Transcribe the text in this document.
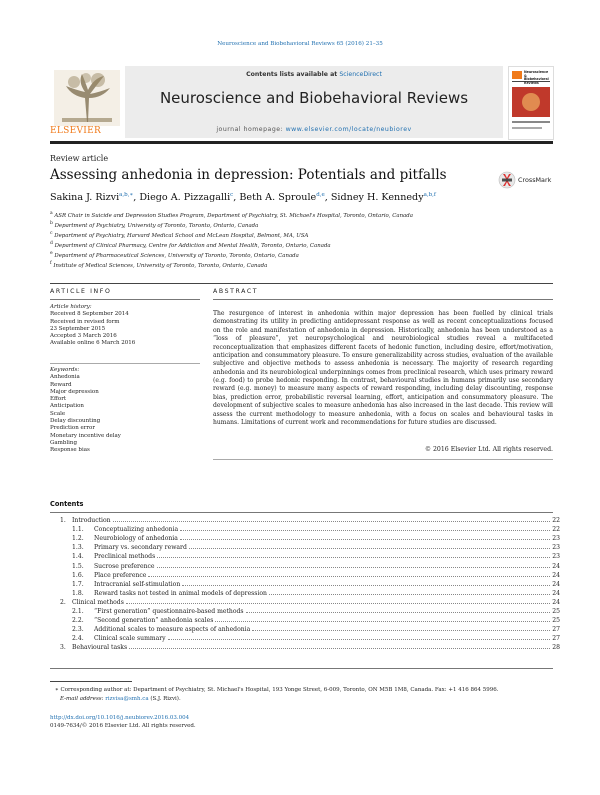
Neuroscience and Biobehavioral Reviews 65 (2016) 21–35
ELSEVIER
Contents lists available at ScienceDirect
Neuroscience and Biobehavioral Reviews
journal homepage: www.elsevier.com/locate/neubiorev
Neuroscience & Biobehavioral Reviews
Review article
Assessing anhedonia in depression: Potentials and pitfalls	CrossMark
Sakina J. Rizvi$^{a,b,∗}$, Diego A. Pizzagalli$^c$, Beth A. Sproule$^{d,e}$, Sidney H. Kennedy$^{a,b,f}$
$^a$ ASR Chair in Suicide and Depression Studies Program, Department of Psychiatry, St. Michael's Hospital, Toronto, Ontario, Canada
$^b$ Department of Psychiatry, University of Toronto, Toronto, Ontario, Canada
$^c$ Department of Psychiatry, Harvard Medical School and McLean Hospital, Belmont, MA, USA
$^d$ Department of Clinical Pharmacy, Centre for Addiction and Mental Health, Toronto, Ontario, Canada
$^e$ Department of Pharmaceutical Sciences, University of Toronto, Toronto, Ontario, Canada
$^f$ Institute of Medical Sciences, University of Toronto, Toronto, Ontario, Canada
ARTICLE INFO
Article history:
Received 8 September 2014
Received in revised form
23 September 2015
Accepted 3 March 2016
Available online 6 March 2016
Keywords:
Anhedonia
Reward
Major depression
Effort
Anticipation
Scale
Delay discounting
Prediction error
Monetary incentive delay
Gambling
Response bias
ABSTRACT
The resurgence of interest in anhedonia within major depression has been fuelled by clinical trials demonstrating its utility in predicting antidepressant response as well as recent conceptualizations focused on the role and manifestation of anhedonia in depression. Historically, anhedonia has been understood as a “loss of pleasure”, yet neuropsychological and neurobiological studies reveal a multifaceted reconceptualization that emphasizes different facets of hedonic function, including desire, effort/motivation, anticipation and consummatory pleasure. To ensure generalizability across studies, evaluation of the available subjective and objective methods to assess anhedonia is necessary. The majority of research regarding anhedonia and its neurobiological underpinnings comes from preclinical research, which uses primary reward (e.g. food) to probe hedonic responding. In contrast, behavioural studies in humans primarily use secondary reward (e.g. money) to measure many aspects of reward responding, including delay discounting, response bias, prediction error, probabilistic reversal learning, effort, anticipation and consummatory pleasure. The development of subjective scales to measure anhedonia has also increased in the last decade. This review will assess the current methodology to measure anhedonia, with a focus on scales and behavioural tasks in humans. Limitations of current work and recommendations for future studies are discussed.
© 2016 Elsevier Ltd. All rights reserved.
Contents
1.	Introduction	22
1.1.	Conceptualizing anhedonia	22
1.2.	Neurobiology of anhedonia	23
1.3.	Primary vs. secondary reward	23
1.4.	Preclinical methods	23
1.5.	Sucrose preference	24
1.6.	Place preference	24
1.7.	Intracranial self-stimulation	24
1.8.	Reward tasks not tested in animal models of depression	24
2.	Clinical methods	24
2.1.	“First generation” questionnaire-based methods	25
2.2.	“Second generation” anhedonia scales	25
2.3.	Additional scales to measure aspects of anhedonia	27
2.4.	Clinical scale summary	27
3.	Behavioural tasks	28
∗ Corresponding author at: Department of Psychiatry, St. Michael's Hospital, 193 Yonge Street, 6-009, Toronto, ON M5B 1M8, Canada. Fax: +1 416 864 5996.
E-mail address: rizvisa@smh.ca (S.J. Rizvi).
http://dx.doi.org/10.1016/j.neubiorev.2016.03.004
0149-7634/© 2016 Elsevier Ltd. All rights reserved.
